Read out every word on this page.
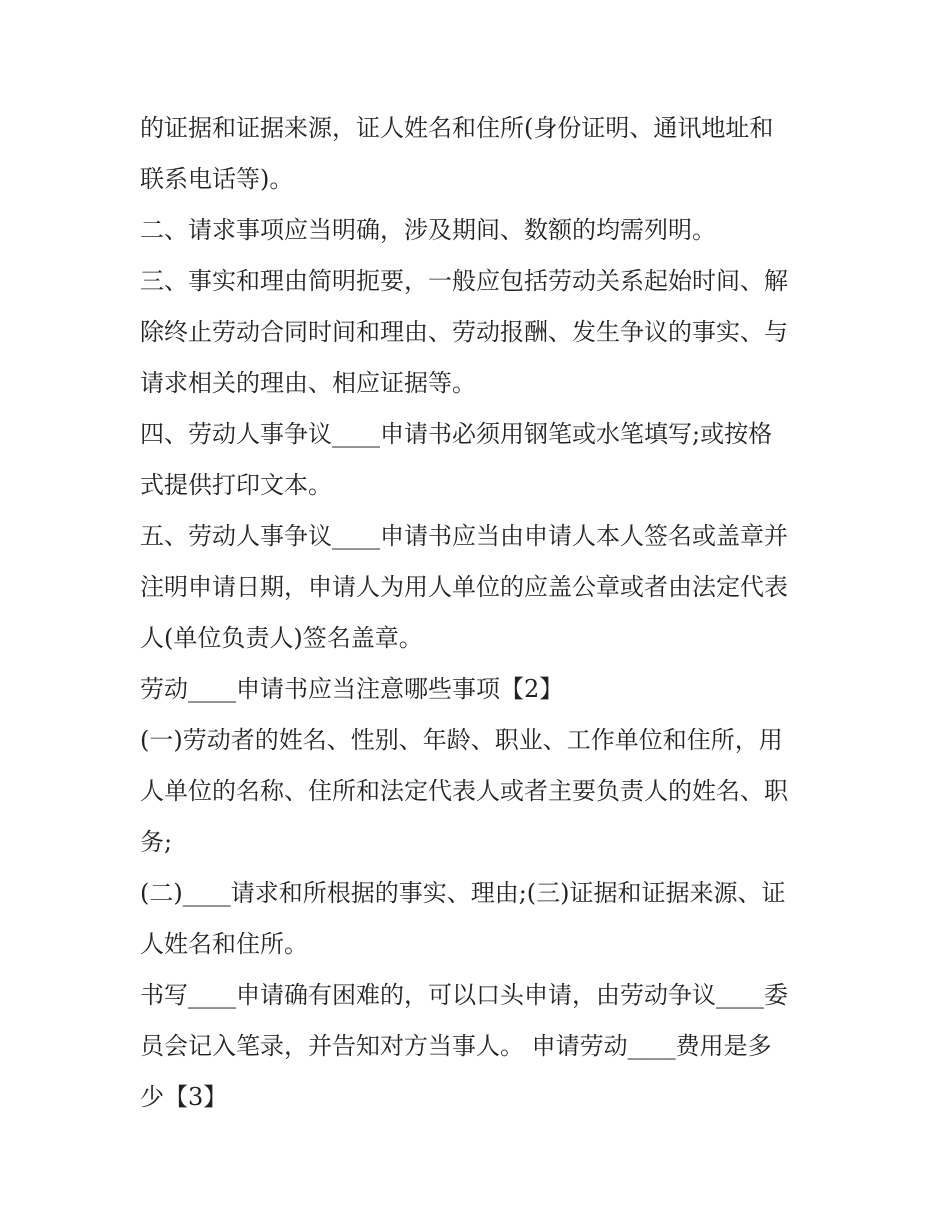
的证据和证据来源，证人姓名和住所(身份证明、通讯地址和

联系电话等)。

二、请求事项应当明确，涉及期间、数额的均需列明。

三、事实和理由简明扼要，一般应包括劳动关系起始时间、解

除终止劳动合同时间和理由、劳动报酬、发生争议的事实、与

请求相关的理由、相应证据等。

四、劳动人事争议____申请书必须用钢笔或水笔填写;或按格

式提供打印文本。

五、劳动人事争议____申请书应当由申请人本人签名或盖章并

注明申请日期，申请人为用人单位的应盖公章或者由法定代表

人(单位负责人)签名盖章。

劳动____申请书应当注意哪些事项【2】

(一)劳动者的姓名、性别、年龄、职业、工作单位和住所，用

人单位的名称、住所和法定代表人或者主要负责人的姓名、职

务;

(二)____请求和所根据的事实、理由;(三)证据和证据来源、证

人姓名和住所。

书写____申请确有困难的，可以口头申请，由劳动争议____委

员会记入笔录，并告知对方当事人。 申请劳动____费用是多

少【3】
